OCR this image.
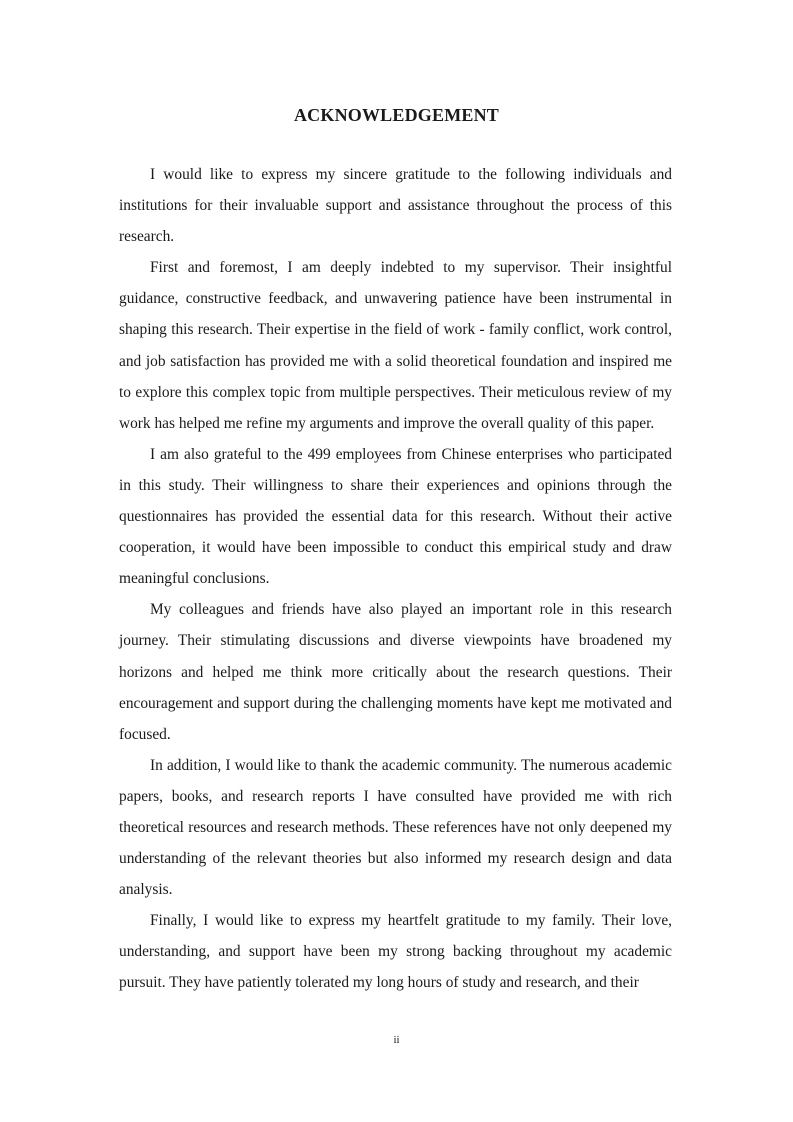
ACKNOWLEDGEMENT

I would like to express my sincere gratitude to the following individuals and institutions for their invaluable support and assistance throughout the process of this research.

First and foremost, I am deeply indebted to my supervisor. Their insightful guidance, constructive feedback, and unwavering patience have been instrumental in shaping this research. Their expertise in the field of work - family conflict, work control, and job satisfaction has provided me with a solid theoretical foundation and inspired me to explore this complex topic from multiple perspectives. Their meticulous review of my work has helped me refine my arguments and improve the overall quality of this paper.

I am also grateful to the 499 employees from Chinese enterprises who participated in this study. Their willingness to share their experiences and opinions through the questionnaires has provided the essential data for this research. Without their active cooperation, it would have been impossible to conduct this empirical study and draw meaningful conclusions.

My colleagues and friends have also played an important role in this research journey. Their stimulating discussions and diverse viewpoints have broadened my horizons and helped me think more critically about the research questions. Their encouragement and support during the challenging moments have kept me motivated and focused.

In addition, I would like to thank the academic community. The numerous academic papers, books, and research reports I have consulted have provided me with rich theoretical resources and research methods. These references have not only deepened my understanding of the relevant theories but also informed my research design and data analysis.

Finally, I would like to express my heartfelt gratitude to my family. Their love, understanding, and support have been my strong backing throughout my academic pursuit. They have patiently tolerated my long hours of study and research, and their

ii
